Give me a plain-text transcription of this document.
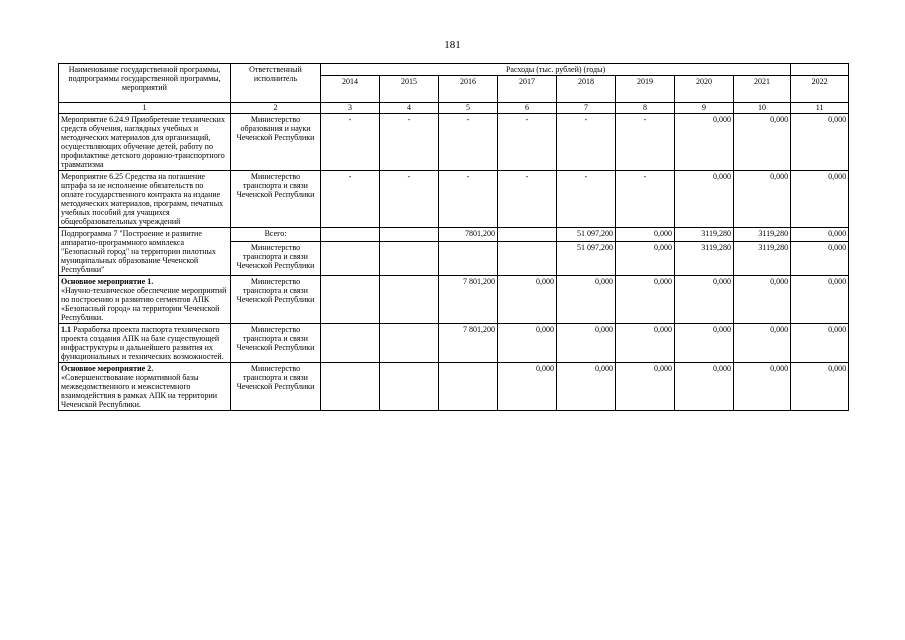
181
Наименование государственной программы, подпрограммы государственной программы, мероприятий	Ответственный исполнитель	Расходы (тыс. рублей) (годы)								
		2014	2015	2016	2017	2018	2019	2020	2021	2022
1	2	3	4	5	6	7	8	9	10	11
Мероприятие 6.24.9 Приобретение технических средств обучения, наглядных учебных и методических материалов для организаций, осуществляющих обучение детей, работу по профилактике детского дорожно-транспортного травматизма	Министерство образования и науки Чеченской Республики	-	-	-	-	-	-	0,000	0,000	0,000
Мероприятие 6.25 Средства на погашение штрафа за не исполнение обязательств по оплате государственного контракта на издание методических материалов, программ, печатных учебных пособий для учащихся общеобразовательных учреждений	Министерство транспорта и связи Чеченской Республики	-	-	-	-	-	-	0,000	0,000	0,000
Подпрограмма 7 "Построение и развитие аппаратно-программного комплекса "Безопасный город" на территории пилотных муниципальных образование Чеченской Республики"	Всего:			7801,200		51 097,200	0,000	3119,280	3119,280	0,000
	Министерство транспорта и связи Чеченской Республики					51 097,200	0,000	3119,280	3119,280	0,000
Основное мероприятие 1.
«Научно-техническое обеспечение мероприятий по построению и развитию сегментов АПК «Безопасный город» на территории Чеченской Республики.	Министерство транспорта и связи Чеченской Республики			7 801,200	0,000	0,000	0,000	0,000	0,000	0,000
1.1 Разработка проекта паспорта технического проекта создания АПК на базе существующей инфраструктуры и дальнейшего развития их функциональных и технических возможностей.	Министерство транспорта и связи Чеченской Республики			7 801,200	0,000	0,000	0,000	0,000	0,000	0,000
Основное мероприятие 2.
«Совершенствование нормативной базы межведомственного и межсистемного взаимодействия в рамках АПК на территории Чеченской Республики.	Министерство транспорта и связи Чеченской Республики				0,000	0,000	0,000	0,000	0,000	0,000
